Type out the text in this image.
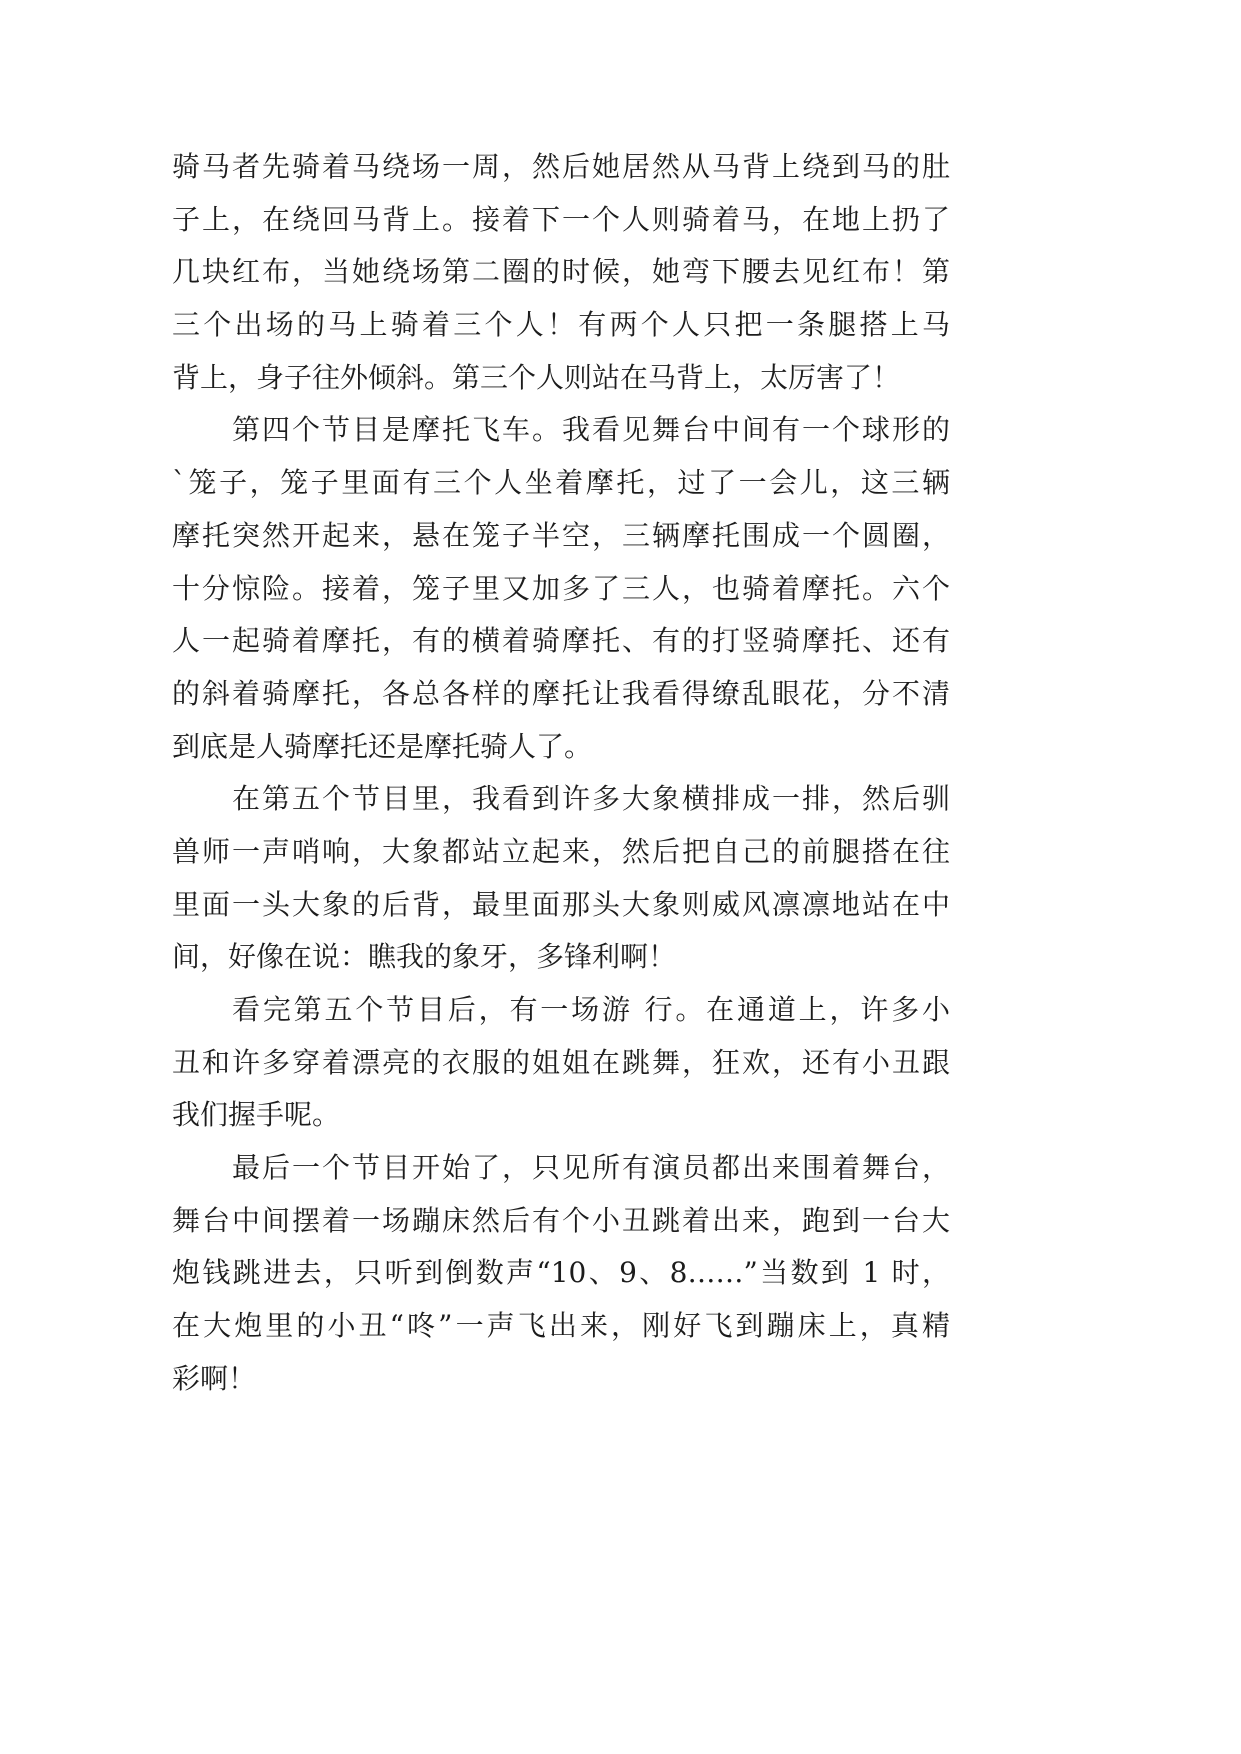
骑马者先骑着马绕场一周，然后她居然从马背上绕到马的肚
子上，在绕回马背上。接着下一个人则骑着马，在地上扔了
几块红布，当她绕场第二圈的时候，她弯下腰去见红布！第
三个出场的马上骑着三个人！有两个人只把一条腿搭上马
背上，身子往外倾斜。第三个人则站在马背上，太厉害了！
第四个节目是摩托飞车。我看见舞台中间有一个球形的
`笼子，笼子里面有三个人坐着摩托，过了一会儿，这三辆
摩托突然开起来，悬在笼子半空，三辆摩托围成一个圆圈，
十分惊险。接着，笼子里又加多了三人，也骑着摩托。六个
人一起骑着摩托，有的横着骑摩托、有的打竖骑摩托、还有
的斜着骑摩托，各总各样的摩托让我看得缭乱眼花，分不清
到底是人骑摩托还是摩托骑人了。
在第五个节目里，我看到许多大象横排成一排，然后驯
兽师一声哨响，大象都站立起来，然后把自己的前腿搭在往
里面一头大象的后背，最里面那头大象则威风凛凛地站在中
间，好像在说：瞧我的象牙，多锋利啊！
看完第五个节目后，有一场游 行。在通道上，许多小
丑和许多穿着漂亮的衣服的姐姐在跳舞，狂欢，还有小丑跟
我们握手呢。
最后一个节目开始了，只见所有演员都出来围着舞台，
舞台中间摆着一场蹦床然后有个小丑跳着出来，跑到一台大
炮钱跳进去，只听到倒数声“10、9、8……”当数到 1 时，
在大炮里的小丑“咚”一声飞出来，刚好飞到蹦床上，真精
彩啊！
